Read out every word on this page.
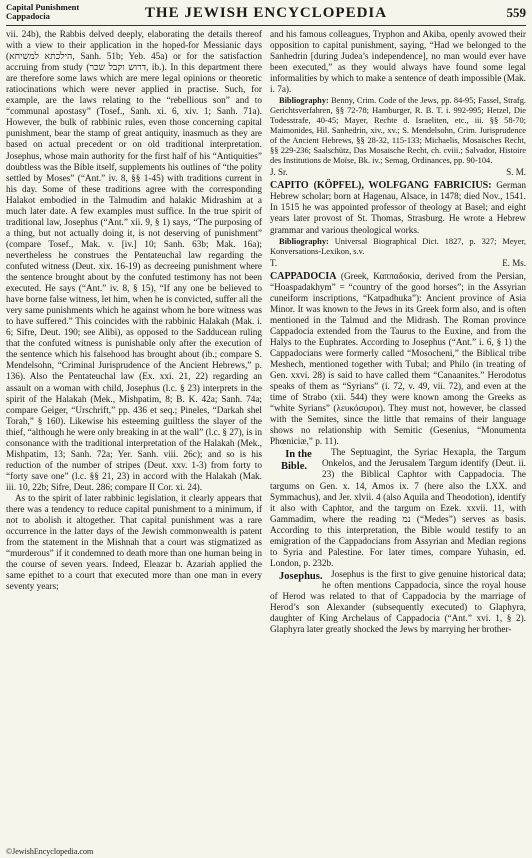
Capital Punishment
Cappadocia	THE JEWISH ENCYCLOPEDIA	559

vii. 24b), the Rabbis delved deeply, elaborating the details thereof with a view to their application in the hoped-for Messianic days (הילכתא למשיחא, Sanh. 51b; Yeb. 45a) or for the satisfaction accruing from study (דרוש וקבל שכר, ib.). In this department there are therefore some laws which are mere legal opinions or theoretic ratiocinations which were never applied in practise. Such, for example, are the laws relating to the “rebellious son” and to “communal apostasy” (Tosef., Sanh. xi. 6, xiv. 1; Sanh. 71a). However, the bulk of rabbinic rules, even those concerning capital punishment, bear the stamp of great antiquity, inasmuch as they are based on actual precedent or on old traditional interpretation. Josephus, whose main authority for the first half of his “Antiquities” doubtless was the Bible itself, supplements his outlines of “the polity settled by Moses” (“Ant.” iv. 8, §§ 1-45) with traditions current in his day. Some of these traditions agree with the corresponding Halakot embodied in the Talmudim and halakic Midrashim at a much later date. A few examples must suffice. In the true spirit of traditional law, Josephus (“Ant.” xii. 9, § 1) says, “The purposing of a thing, but not actually doing it, is not deserving of punishment” (compare Tosef., Mak. v. [iv.] 10; Sanh. 63b; Mak. 16a); nevertheless he construes the Pentateuchal law regarding the confuted witness (Deut. xix. 16-19) as decreeing punishment where the sentence brought about by the confuted testimony has not been executed. He says (“Ant.” iv. 8, § 15), “If any one be believed to have borne false witness, let him, when he is convicted, suffer all the very same punishments which he against whom he bore witness was to have suffered.” This coincides with the rabbinic Halakah (Mak. i. 6; Sifre, Deut. 190; see Alibi), as opposed to the Sadducean ruling that the confuted witness is punishable only after the execution of the sentence which his falsehood has brought about (ib.; compare S. Mendelsohn, “Criminal Jurisprudence of the Ancient Hebrews,” p. 136). Also the Pentateuchal law (Ex. xxi. 21, 22) regarding an assault on a woman with child, Josephus (l.c. § 23) interprets in the spirit of the Halakah (Mek., Mishpatim, 8; B. K. 42a; Sanh. 74a; compare Geiger, “Urschrift,” pp. 436 et seq.; Pineles, “Darkah shel Torah,” § 160). Likewise his esteeming guiltless the slayer of the thief, “although he were only breaking in at the wall” (l.c. § 27), is in consonance with the traditional interpretation of the Halakah (Mek., Mishpatim, 13; Sanh. 72a; Yer. Sanh. viii. 26c); and so is his reduction of the number of stripes (Deut. xxv. 1-3) from forty to “forty save one” (l.c. §§ 21, 23) in accord with the Halakah (Mak. iii. 10, 22b; Sifre, Deut. 286; compare II Cor. xi. 24).

As to the spirit of later rabbinic legislation, it clearly appears that there was a tendency to reduce capital punishment to a minimum, if not to abolish it altogether. That capital punishment was a rare occurrence in the latter days of the Jewish commonwealth is patent from the statement in the Mishnah that a court was stigmatized as “murderous” if it condemned to death more than one human being in the course of seven years. Indeed, Eleazar b. Azariah applied the same epithet to a court that executed more than one man in every seventy years;

and his famous colleagues, Tryphon and Akiba, openly avowed their opposition to capital punishment, saying, “Had we belonged to the Sanhedrin [during Judea’s independence], no man would ever have been executed,” as they would always have found some legal informalities by which to make a sentence of death impossible (Mak. i. 7a).

Bibliography: Benny, Crim. Code of the Jews, pp. 84-95; Fassel, Strafg. Gerichtsverfahren, §§ 72-78; Hamburger, R. B. T. i. 992-995; Hetzel, Die Todesstrafe, 40-45; Mayer, Rechte d. Israeliten, etc., iii. §§ 58-70; Maimonides, Hil. Sanhedrin, xiv., xv.; S. Mendelsohn, Crim. Jurisprudence of the Ancient Hebrews, §§ 28-32, 115-133; Michaelis, Mosaisches Recht, §§ 229-236; Saalschütz, Das Mosaische Recht, ch. cviii.; Salvador, Histoire des Institutions de Moïse, Bk. iv.; Semag, Ordinances, pp. 90-104.

J. Sr.	S. M.

CAPITO (KÖPFEL), WOLFGANG FABRICIUS: German Hebrew scholar; born at Hagenau, Alsace, in 1478; died Nov., 1541. In 1515 he was appointed professor of theology at Basel; and eight years later provost of St. Thomas, Strasburg. He wrote a Hebrew grammar and various theological works.

Bibliography: Universal Biographical Dict. 1827, p. 327; Meyer, Konversations-Lexikon, s.v.

T.	E. Ms.

CAPPADOCIA (Greek, Καππαδοκία, derived from the Persian, “Hoaspadakhym” = “country of the good horses”; in the Assyrian cuneiform inscriptions, “Katpadhuka”): Ancient province of Asia Minor. It was known to the Jews in its Greek form also, and is often mentioned in the Talmud and the Midrash. The Roman province Cappadocia extended from the Taurus to the Euxine, and from the Halys to the Euphrates. According to Josephus (“Ant.” i. 6, § 1) the Cappadocians were formerly called “Mosocheni,” the Biblical tribe Meshech, mentioned together with Tubal; and Philo (in treating of Gen. xxvi. 28) is said to have called them “Canaanites.” Herodotus speaks of them as “Syrians” (i. 72, v. 49, vii. 72), and even at the time of Strabo (xii. 544) they were known among the Greeks as “white Syrians” (λευκόσυροι). They must not, however, be classed with the Semites, since the little that remains of their language shows no relationship with Semitic (Gesenius, “Monumenta Phœniciæ,” p. 11).

In the Bible.
The Septuagint, the Syriac Hexapla, the Targum Onkelos, and the Jerusalem Targum identify (Deut. ii. 23) the Biblical Caphtor with Cappadocia. The targums on Gen. x. 14, Amos ix. 7 (here also the LXX. and Symmachus), and Jer. xlvii. 4 (also Aquila and Theodotion), identify it also with Caphtor, and the targum on Ezek. xxvii. 11, with Gammadim, where the reading נמ (“Medes”) serves as basis. According to this interpretation, the Bible would testify to an emigration of the Cappadocians from Assyrian and Median regions to Syria and Palestine. For later times, compare Yuhasin, ed. London, p. 232b.

Josephus. Josephus is the first to give genuine historical data; he often mentions Cappadocia, since the royal house of Herod was related to that of Cappadocia by the marriage of Herod’s son Alexander (subsequently executed) to Glaphyra, daughter of King Archelaus of Cappadocia (“Ant.” xvi. 1, § 2). Glaphyra later greatly shocked the Jews by marrying her brother-

©JewishEncyclopedia.com
